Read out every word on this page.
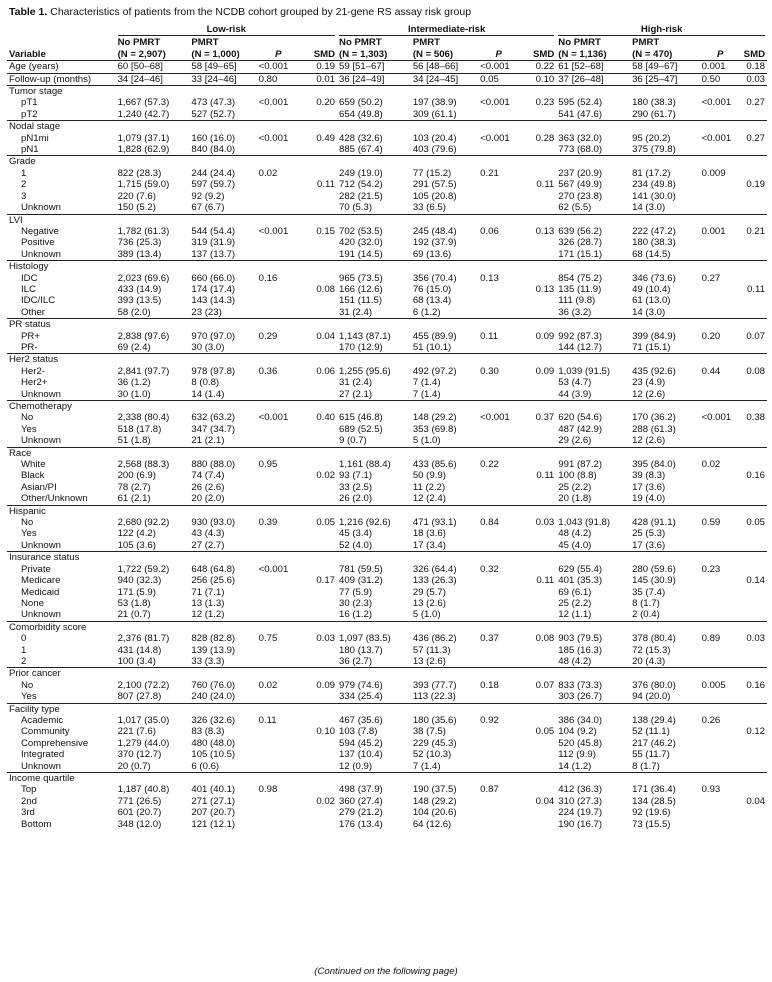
Table 1. Characteristics of patients from the NCDB cohort grouped by 21-gene RS assay risk group

	Low-risk				Intermediate-risk				High-risk			

	No PMRT	PMRT			No PMRT	PMRT			No PMRT	PMRT		
Variable	(N = 2,907)	(N = 1,000)	P	SMD	(N = 1,303)	(N = 506)	P	SMD	(N = 1,136)	(N = 470)	P	SMD
Age (years)	60 [50–68]	58 [49–65]	<0.001	0.19	59 [51–67]	56 [48–66]	<0.001	0.22	61 [52–68]	58 [49–67]	0.001	0.18
Follow-up (months)	34 [24–46]	33 [24–46]	0.80	0.01	36 [24–49]	34 [24–45]	0.05	0.10	37 [26–48]	36 [25–47]	0.50	0.03
Tumor stage												
pT1	1,667 (57.3)	473 (47.3)	<0.001	0.20	659 (50.2)	197 (38.9)	<0.001	0.23	595 (52.4)	180 (38.3)	<0.001	0.27
pT2	1,240 (42.7)	527 (52.7)			654 (49.8)	309 (61.1)			541 (47.6)	290 (61.7)		
Nodal stage												
pN1mi	1,079 (37.1)	160 (16.0)	<0.001	0.49	428 (32.6)	103 (20.4)	<0.001	0.28	363 (32.0)	95 (20.2)	<0.001	0.27
pN1	1,828 (62.9)	840 (84.0)			885 (67.4)	403 (79.6)			773 (68.0)	375 (79.8)		
Grade												
1	822 (28.3)	244 (24.4)	0.02		249 (19.0)	77 (15.2)	0.21		237 (20.9)	81 (17.2)	0.009	
2	1,715 (59.0)	597 (59.7)		0.11	712 (54.2)	291 (57.5)		0.11	567 (49.9)	234 (49.8)		0.19
3	220 (7.6)	92 (9.2)			282 (21.5)	105 (20.8)			270 (23.8)	141 (30.0)		
Unknown	150 (5.2)	67 (6.7)			70 (5.3)	33 (6.5)			62 (5.5)	14 (3.0)		
LVI												
Negative	1,782 (61.3)	544 (54.4)	<0.001	0.15	702 (53.5)	245 (48.4)	0.06	0.13	639 (56.2)	222 (47.2)	0.001	0.21
Positive	736 (25.3)	319 (31.9)			420 (32.0)	192 (37.9)			326 (28.7)	180 (38.3)		
Unknown	389 (13.4)	137 (13.7)			191 (14.5)	69 (13.6)			171 (15.1)	68 (14.5)		
Histology												
IDC	2,023 (69.6)	660 (66.0)	0.16		965 (73.5)	356 (70.4)	0.13		854 (75.2)	346 (73.6)	0.27	
ILC	433 (14.9)	174 (17.4)		0.08	166 (12.6)	76 (15.0)		0.13	135 (11.9)	49 (10.4)		0.11
IDC/ILC	393 (13.5)	143 (14.3)			151 (11.5)	68 (13.4)			111 (9.8)	61 (13.0)		
Other	58 (2.0)	23 (23)			31 (2.4)	6 (1.2)			36 (3.2)	14 (3.0)		
PR status												
PR+	2,838 (97.6)	970 (97.0)	0.29	0.04	1,143 (87.1)	455 (89.9)	0.11	0.09	992 (87.3)	399 (84.9)	0.20	0.07
PR-	69 (2.4)	30 (3.0)			170 (12.9)	51 (10.1)			144 (12.7)	71 (15.1)		
Her2 status												
Her2-	2,841 (97.7)	978 (97.8)	0.36	0.06	1,255 (95.6)	492 (97.2)	0.30	0.09	1,039 (91.5)	435 (92.6)	0.44	0.08
Her2+	36 (1.2)	8 (0.8)			31 (2.4)	7 (1.4)			53 (4.7)	23 (4.9)		
Unknown	30 (1.0)	14 (1.4)			27 (2.1)	7 (1.4)			44 (3.9)	12 (2.6)		
Chemotherapy												
No	2,338 (80.4)	632 (63.2)	<0.001	0.40	615 (46.8)	148 (29.2)	<0.001	0.37	620 (54.6)	170 (36.2)	<0.001	0.38
Yes	518 (17.8)	347 (34.7)			689 (52.5)	353 (69.8)			487 (42.9)	288 (61.3)		
Unknown	51 (1.8)	21 (2.1)			9 (0.7)	5 (1.0)			29 (2.6)	12 (2.6)		
Race												
White	2,568 (88.3)	880 (88.0)	0.95		1,161 (88.4)	433 (85.6)	0.22		991 (87.2)	395 (84.0)	0.02	
Black	200 (6.9)	74 (7.4)		0.02	93 (7.1)	50 (9.9)		0.11	100 (8.8)	39 (8.3)		0.16
Asian/PI	78 (2.7)	26 (2.6)			33 (2.5)	11 (2.2)			25 (2.2)	17 (3.6)		
Other/Unknown	61 (2.1)	20 (2.0)			26 (2.0)	12 (2.4)			20 (1.8)	19 (4.0)		
Hispanic												
No	2,680 (92.2)	930 (93.0)	0.39	0.05	1,216 (92.6)	471 (93.1)	0.84	0.03	1,043 (91.8)	428 (91.1)	0.59	0.05
Yes	122 (4.2)	43 (4.3)			45 (3.4)	18 (3.6)			48 (4.2)	25 (5.3)		
Unknown	105 (3.6)	27 (2.7)			52 (4.0)	17 (3.4)			45 (4.0)	17 (3.6)		
Insurance status												
Private	1,722 (59.2)	648 (64.8)	<0.001		781 (59.5)	326 (64.4)	0.32		629 (55.4)	280 (59.6)	0.23	
Medicare	940 (32.3)	256 (25.6)		0.17	409 (31.2)	133 (26.3)		0.11	401 (35.3)	145 (30.9)		0.14
Medicaid	171 (5.9)	71 (7.1)			77 (5.9)	29 (5.7)			69 (6.1)	35 (7.4)		
None	53 (1.8)	13 (1.3)			30 (2.3)	13 (2.6)			25 (2.2)	8 (1.7)		
Unknown	21 (0.7)	12 (1.2)			16 (1.2)	5 (1.0)			12 (1.1)	2 (0.4)		
Comorbidity score												
0	2,376 (81.7)	828 (82.8)	0.75	0.03	1,097 (83.5)	436 (86.2)	0.37	0.08	903 (79.5)	378 (80.4)	0.89	0.03
1	431 (14.8)	139 (13.9)			180 (13.7)	57 (11.3)			185 (16.3)	72 (15.3)		
2	100 (3.4)	33 (3.3)			36 (2.7)	13 (2.6)			48 (4.2)	20 (4.3)		
Prior cancer												
No	2,100 (72.2)	760 (76.0)	0.02	0.09	979 (74.6)	393 (77.7)	0.18	0.07	833 (73.3)	376 (80.0)	0.005	0.16
Yes	807 (27.8)	240 (24.0)			334 (25.4)	113 (22.3)			303 (26.7)	94 (20.0)		
Facility type												
Academic	1,017 (35.0)	326 (32.6)	0.11		467 (35.6)	180 (35.6)	0.92		386 (34.0)	138 (29.4)	0.26	
Community	221 (7.6)	83 (8.3)		0.10	103 (7.8)	38 (7.5)		0.05	104 (9.2)	52 (11.1)		0.12
Comprehensive	1,279 (44.0)	480 (48.0)			594 (45.2)	229 (45.3)			520 (45.8)	217 (46.2)		
Integrated	370 (12.7)	105 (10.5)			137 (10.4)	52 (10.3)			112 (9.9)	55 (11.7)		
Unknown	20 (0.7)	6 (0.6)			12 (0.9)	7 (1.4)			14 (1.2)	8 (1.7)		
Income quartile												
Top	1,187 (40.8)	401 (40.1)	0.98		498 (37.9)	190 (37.5)	0.87		412 (36.3)	171 (36.4)	0.93	
2nd	771 (26.5)	271 (27.1)		0.02	360 (27.4)	148 (29.2)		0.04	310 (27.3)	134 (28.5)		0.04
3rd	601 (20.7)	207 (20.7)			279 (21.2)	104 (20.6)			224 (19.7)	92 (19.6)		
Bottom	348 (12.0)	121 (12.1)			176 (13.4)	64 (12.6)			190 (16.7)	73 (15.5)		
(Continued on the following page)
